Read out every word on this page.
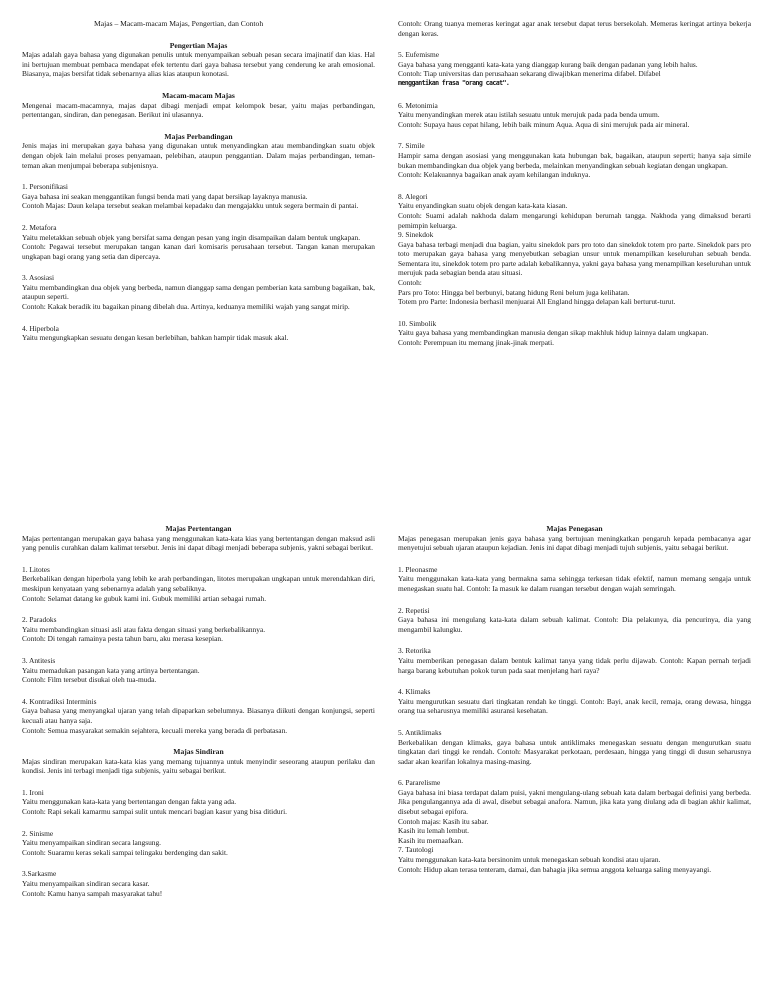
Majas – Macam-macam Majas, Pengertian, dan Contoh

Pengertian Majas

Majas adalah gaya bahasa yang digunakan penulis untuk menyampaikan sebuah pesan secara imajinatif dan kias. Hal ini bertujuan membuat pembaca mendapat efek tertentu dari gaya bahasa tersebut yang cenderung ke arah emosional. Biasanya, majas bersifat tidak sebenarnya alias kias ataupun konotasi.

Macam-macam Majas

Mengenai macam-macamnya, majas dapat dibagi menjadi empat kelompok besar, yaitu majas perbandingan, pertentangan, sindiran, dan penegasan. Berikut ini ulasannya.

Majas Perbandingan

Jenis majas ini merupakan gaya bahasa yang digunakan untuk menyandingkan atau membandingkan suatu objek dengan objek lain melalui proses penyamaan, pelebihan, ataupun penggantian. Dalam majas perbandingan, teman-teman akan menjumpai beberapa subjenisnya.

1. Personifikasi
Gaya bahasa ini seakan menggantikan fungsi benda mati yang dapat bersikap layaknya manusia.
Contoh Majas: Daun kelapa tersebut seakan melambai kepadaku dan mengajakku untuk segera bermain di pantai.
2. Metafora
Yaitu meletakkan sebuah objek yang bersifat sama dengan pesan yang ingin disampaikan dalam bentuk ungkapan.
Contoh: Pegawai tersebut merupakan tangan kanan dari komisaris perusahaan tersebut. Tangan kanan merupakan ungkapan bagi orang yang setia dan dipercaya.
3. Asosiasi
Yaitu membandingkan dua objek yang berbeda, namun dianggap sama dengan pemberian kata sambung bagaikan, bak, ataupun seperti.
Contoh: Kakak beradik itu bagaikan pinang dibelah dua. Artinya, keduanya memiliki wajah yang sangat mirip.
4. Hiperbola
Yaitu mengungkapkan sesuatu dengan kesan berlebihan, bahkan hampir tidak masuk akal.

Contoh: Orang tuanya memeras keringat agar anak tersebut dapat terus bersekolah. Memeras keringat artinya bekerja dengan keras.

5. Eufemisme
Gaya bahasa yang mengganti kata-kata yang dianggap kurang baik dengan padanan yang lebih halus.
Contoh: Tiap universitas dan perusahaan sekarang diwajibkan menerima difabel. Difabel
menggantikan frasa "orang cacat".
6. Metonimia
Yaitu menyandingkan merek atau istilah sesuatu untuk merujuk pada pada benda umum.
Contoh: Supaya haus cepat hilang, lebih baik minum Aqua. Aqua di sini merujuk pada air mineral.
7. Simile
Hampir sama dengan asosiasi yang menggunakan kata hubungan bak, bagaikan, ataupun seperti; hanya saja simile bukan membandingkan dua objek yang berbeda, melainkan menyandingkan sebuah kegiatan dengan ungkapan.
Contoh: Kelakuannya bagaikan anak ayam kehilangan induknya.
8. Alegori
Yaitu enyandingkan suatu objek dengan kata-kata kiasan.
Contoh: Suami adalah nakhoda dalam mengarungi kehidupan berumah tangga. Nakhoda yang dimaksud berarti pemimpin keluarga.
9. Sinekdok
Gaya bahasa terbagi menjadi dua bagian, yaitu sinekdok pars pro toto dan sinekdok totem pro parte. Sinekdok pars pro toto merupakan gaya bahasa yang menyebutkan sebagian unsur untuk menampilkan keseluruhan sebuah benda. Sementara itu, sinekdok totem pro parte adalah kebalikannya, yakni gaya bahasa yang menampilkan keseluruhan untuk merujuk pada sebagian benda atau situasi.
Contoh:
Pars pro Toto: Hingga bel berbunyi, batang hidung Reni belum juga kelihatan.
Totem pro Parte: Indonesia berhasil menjuarai All England hingga delapan kali berturut-turut.
10. Simbolik
Yaitu gaya bahasa yang membandingkan manusia dengan sikap makhluk hidup lainnya dalam ungkapan.
Contoh: Perempuan itu memang jinak-jinak merpati.

Majas Pertentangan

Majas pertentangan merupakan gaya bahasa yang menggunakan kata-kata kias yang bertentangan dengan maksud asli yang penulis curahkan dalam kalimat tersebut. Jenis ini dapat dibagi menjadi beberapa subjenis, yakni sebagai berikut.

1. Litotes
Berkebalikan dengan hiperbola yang lebih ke arah perbandingan, litotes merupakan ungkapan untuk merendahkan diri, meskipun kenyataan yang sebenarnya adalah yang sebaliknya.
Contoh: Selamat datang ke gubuk kami ini. Gubuk memiliki artian sebagai rumah.
2. Paradoks
Yaitu membandingkan situasi asli atau fakta dengan situasi yang berkebalikannya.
Contoh: Di tengah ramainya pesta tahun baru, aku merasa kesepian.
3. Antitesis
Yaitu memadukan pasangan kata yang artinya bertentangan.
Contoh: Film tersebut disukai oleh tua-muda.
4. Kontradiksi Interminis
Gaya bahasa yang menyangkal ujaran yang telah dipaparkan sebelumnya. Biasanya diikuti dengan konjungsi, seperti kecuali atau hanya saja.
Contoh: Semua masyarakat semakin sejahtera, kecuali mereka yang berada di perbatasan.

Majas Sindiran

Majas sindiran merupakan kata-kata kias yang memang tujuannya untuk menyindir seseorang ataupun perilaku dan kondisi. Jenis ini terbagi menjadi tiga subjenis, yaitu sebagai berikut.

1. Ironi
Yaitu menggunakan kata-kata yang bertentangan dengan fakta yang ada.
Contoh: Rapi sekali kamarmu sampai sulit untuk mencari bagian kasur yang bisa ditiduri.
2. Sinisme
Yaitu menyampaikan sindiran secara langsung.
Contoh: Suaramu keras sekali sampai telingaku berdenging dan sakit.
3.Sarkasme
Yaitu menyampaikan sindiran secara kasar.
Contoh: Kamu hanya sampah masyarakat tahu!

Majas Penegasan

Majas penegasan merupakan jenis gaya bahasa yang bertujuan meningkatkan pengaruh kepada pembacanya agar menyetujui sebuah ujaran ataupun kejadian. Jenis ini dapat dibagi menjadi tujuh subjenis, yaitu sebagai berikut.

1. Pleonasme
Yaitu menggunakan kata-kata yang bermakna sama sehingga terkesan tidak efektif, namun memang sengaja untuk menegaskan suatu hal. Contoh: Ia masuk ke dalam ruangan tersebut dengan wajah semringah.
2. Repetisi
Gaya bahasa ini mengulang kata-kata dalam sebuah kalimat. Contoh: Dia pelakunya, dia pencurinya, dia yang mengambil kalungku.
3. Retorika
Yaitu memberikan penegasan dalam bentuk kalimat tanya yang tidak perlu dijawab. Contoh: Kapan pernah terjadi harga barang kebutuhan pokok turun pada saat menjelang hari raya?
4. Klimaks
Yaitu mengurutkan sesuatu dari tingkatan rendah ke tinggi. Contoh: Bayi, anak kecil, remaja, orang dewasa, hingga orang tua seharusnya memiliki asuransi kesehatan.
5. Antiklimaks
Berkebalikan dengan klimaks, gaya bahasa untuk antiklimaks menegaskan sesuatu dengan mengurutkan suatu tingkatan dari tinggi ke rendah. Contoh: Masyarakat perkotaan, perdesaan, hingga yang tinggi di dusun seharusnya sadar akan kearifan lokalnya masing-masing.
6. Pararelisme
Gaya bahasa ini biasa terdapat dalam puisi, yakni mengulang-ulang sebuah kata dalam berbagai definisi yang berbeda. Jika pengulangannya ada di awal, disebut sebagai anafora. Namun, jika kata yang diulang ada di bagian akhir kalimat, disebut sebagai epifora.
Contoh majas: Kasih itu sabar.
Kasih itu lemah lembut.
Kasih itu memaafkan.
7. Tautologi
Yaitu menggunakan kata-kata bersinonim untuk menegaskan sebuah kondisi atau ujaran.
Contoh: Hidup akan terasa tenteram, damai, dan bahagia jika semua anggota keluarga saling menyayangi.
